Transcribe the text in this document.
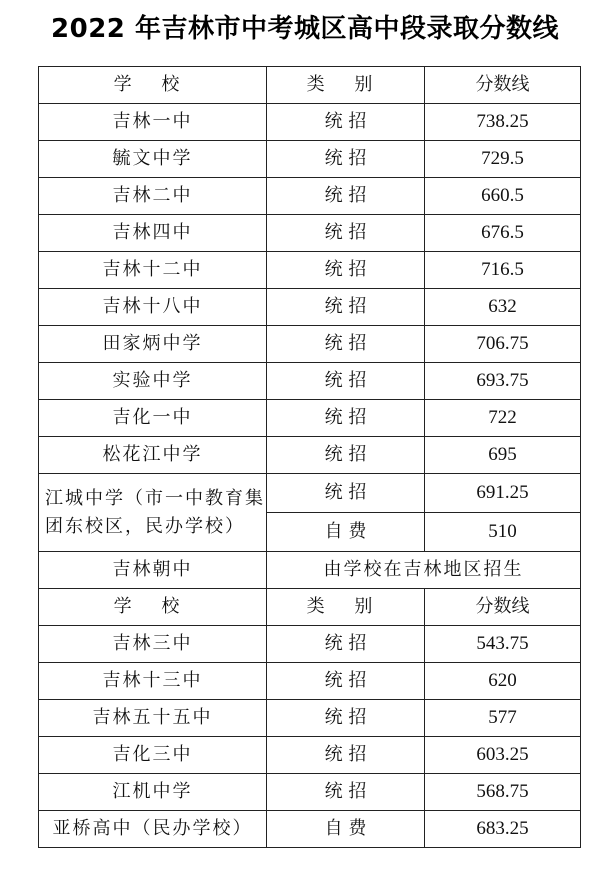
2022 年吉林市中考城区高中段录取分数线
学 校	类 别	分数线
吉林一中	统 招	738.25
毓文中学	统 招	729.5
吉林二中	统 招	660.5
吉林四中	统 招	676.5
吉林十二中	统 招	716.5
吉林十八中	统 招	632
田家炳中学	统 招	706.75
实验中学	统 招	693.75
吉化一中	统 招	722
松花江中学	统 招	695
江城中学（市一中教育集团东校区，民办学校）	统 招	691.25
	自 费	510
吉林朝中	由学校在吉林地区招生	
学 校	类 别	分数线
吉林三中	统 招	543.75
吉林十三中	统 招	620
吉林五十五中	统 招	577
吉化三中	统 招	603.25
江机中学	统 招	568.75
亚桥高中（民办学校）	自 费	683.25
